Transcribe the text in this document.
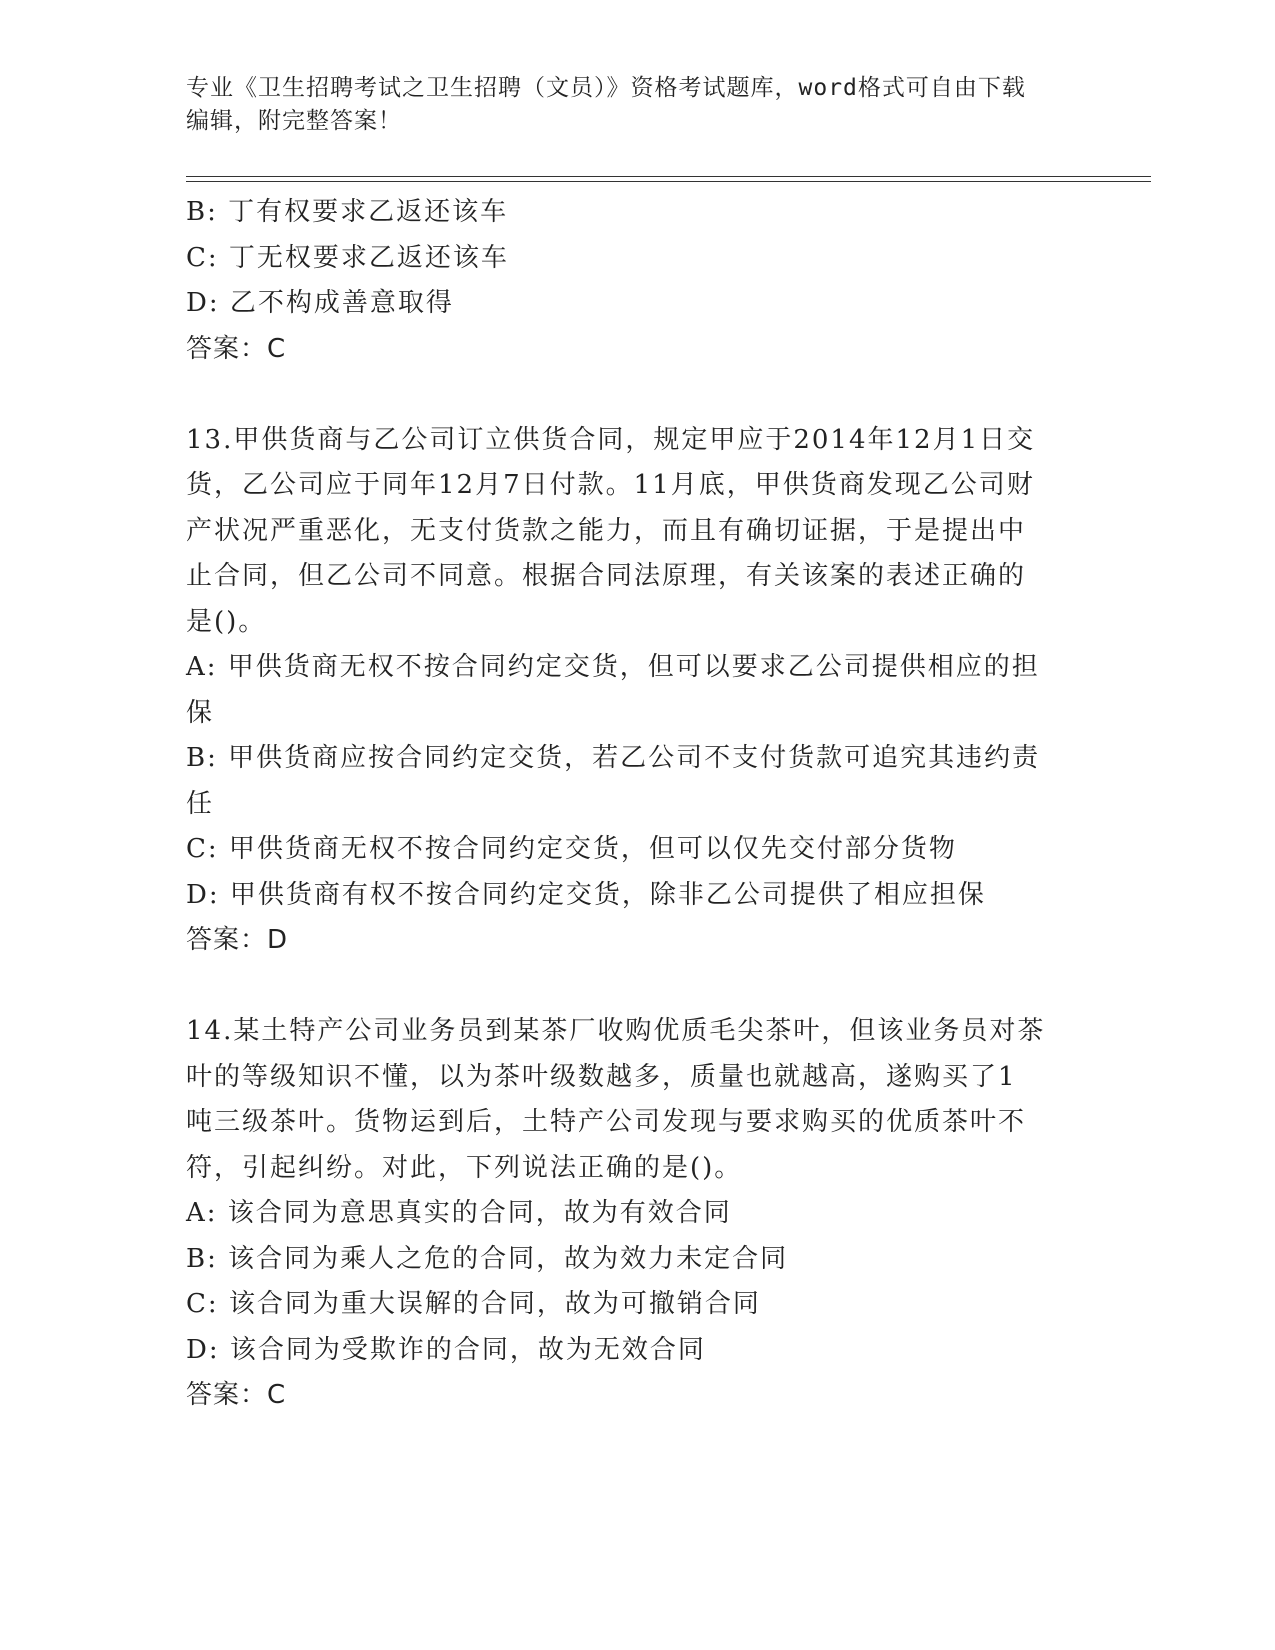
专业《卫生招聘考试之卫生招聘（文员）》资格考试题库，word格式可自由下载
编辑，附完整答案！
B: 丁有权要求乙返还该车
C: 丁无权要求乙返还该车
D: 乙不构成善意取得
答案：C
13.甲供货商与乙公司订立供货合同，规定甲应于2014年12月1日交
货，乙公司应于同年12月7日付款。11月底，甲供货商发现乙公司财
产状况严重恶化，无支付货款之能力，而且有确切证据，于是提出中
止合同，但乙公司不同意。根据合同法原理，有关该案的表述正确的
是()。
A: 甲供货商无权不按合同约定交货，但可以要求乙公司提供相应的担
保
B: 甲供货商应按合同约定交货，若乙公司不支付货款可追究其违约责
任
C: 甲供货商无权不按合同约定交货，但可以仅先交付部分货物
D: 甲供货商有权不按合同约定交货，除非乙公司提供了相应担保
答案：D
14.某土特产公司业务员到某茶厂收购优质毛尖茶叶，但该业务员对茶
叶的等级知识不懂，以为茶叶级数越多，质量也就越高，遂购买了1
吨三级茶叶。货物运到后，土特产公司发现与要求购买的优质茶叶不
符，引起纠纷。对此，下列说法正确的是()。
A: 该合同为意思真实的合同，故为有效合同
B: 该合同为乘人之危的合同，故为效力未定合同
C: 该合同为重大误解的合同，故为可撤销合同
D: 该合同为受欺诈的合同，故为无效合同
答案：C
